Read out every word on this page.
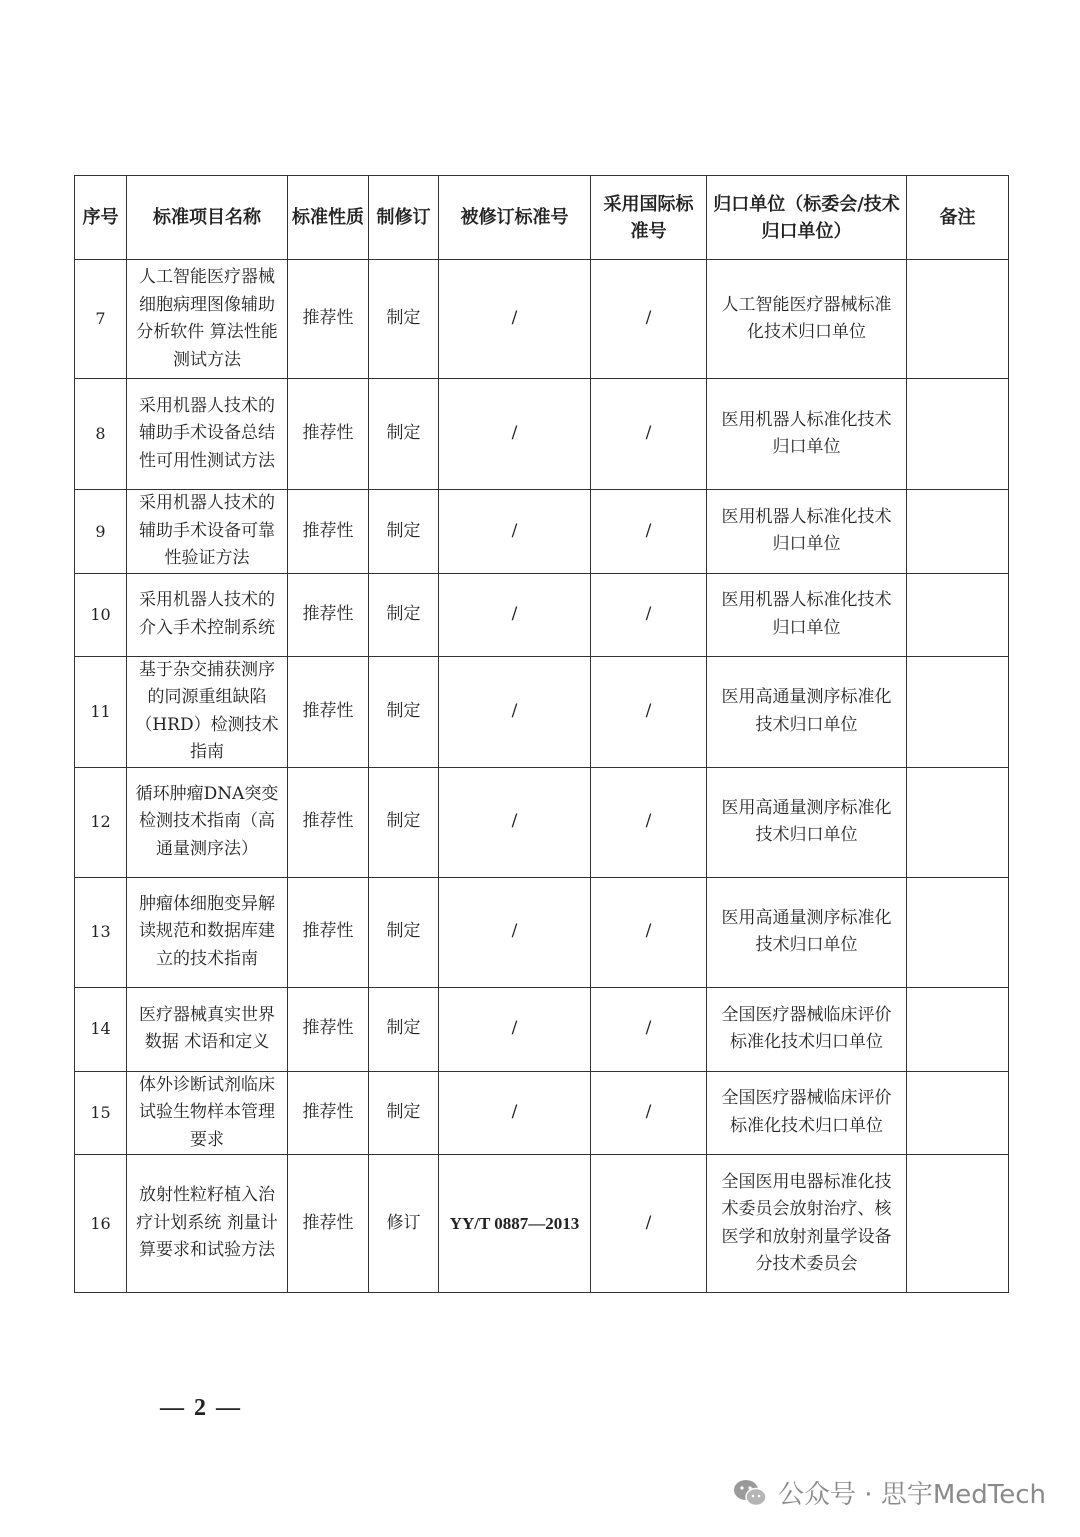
序号	标准项目名称	标准性质	制修订	被修订标准号	采用国际标准号	归口单位（标委会/技术归口单位）	备注
7	人工智能医疗器械 细胞病理图像辅助分析软件 算法性能测试方法	推荐性	制定	/	/	人工智能医疗器械标准化技术归口单位	
8	采用机器人技术的辅助手术设备总结性可用性测试方法	推荐性	制定	/	/	医用机器人标准化技术归口单位	
9	采用机器人技术的辅助手术设备可靠性验证方法	推荐性	制定	/	/	医用机器人标准化技术归口单位	
10	采用机器人技术的介入手术控制系统	推荐性	制定	/	/	医用机器人标准化技术归口单位	
11	基于杂交捕获测序的同源重组缺陷（HRD）检测技术指南	推荐性	制定	/	/	医用高通量测序标准化技术归口单位	
12	循环肿瘤DNA突变检测技术指南（高通量测序法）	推荐性	制定	/	/	医用高通量测序标准化技术归口单位	
13	肿瘤体细胞变异解读规范和数据库建立的技术指南	推荐性	制定	/	/	医用高通量测序标准化技术归口单位	
14	医疗器械真实世界数据 术语和定义	推荐性	制定	/	/	全国医疗器械临床评价标准化技术归口单位	
15	体外诊断试剂临床试验生物样本管理要求	推荐性	制定	/	/	全国医疗器械临床评价标准化技术归口单位	
16	放射性粒籽植入治疗计划系统 剂量计算要求和试验方法	推荐性	修订	YY/T 0887—2013	/	全国医用电器标准化技术委员会放射治疗、核医学和放射剂量学设备分技术委员会	
— 2 —
公众号 · 思宇MedTech
